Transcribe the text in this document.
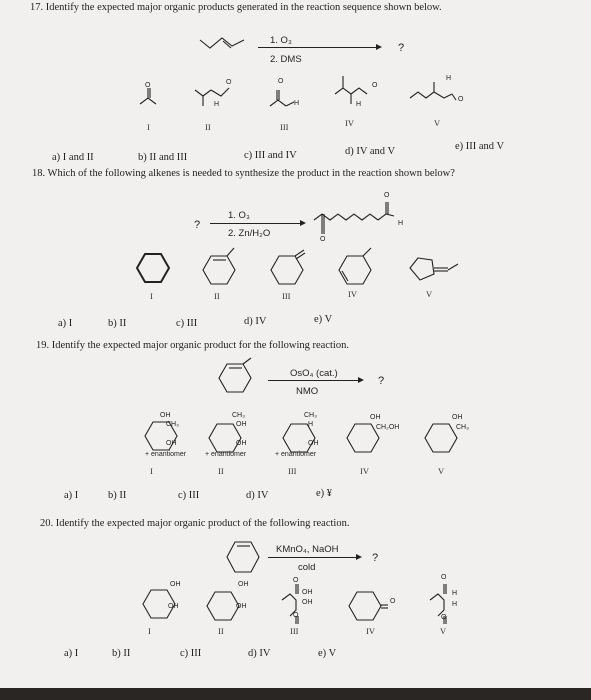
17. Identify the expected major organic products generated in the reaction sequence shown below.
1. O₃
2. DMS
?
O	O
H
O
H
O
H
H
O
I	II	III	IV	V
a) I and II	b) II and III	c) III and IV	d) IV and V	e) III and V
18. Which of the following alkenes is needed to synthesize the product in the reaction shown below?
?
1. O₃
2. Zn/H₂O
O
O
H
I	II	III	IV	V
a) I	b) II	c) III	d) IV	e) V
19. Identify the expected major organic product for the following reaction.
OsO₄ (cat.)
NMO
?
OH
CH₃
OH
+ enantiomer
CH₃
OH
OH
+ enantiomer
CH₃
H
OH
+ enantiomer
OH
CH₂OH
OH
CH₃
I	II	III	IV	V
a) I	b) II	c) III	d) IV	e) ¥
20. Identify the expected major organic product of the following reaction.
KMnO₄, NaOH
cold
?
OH
OH
OH
OH
O
OH
OH
O
O
O
H
H
O
I	II	III	IV	V
a) I	b) II	c) III	d) IV	e) V
